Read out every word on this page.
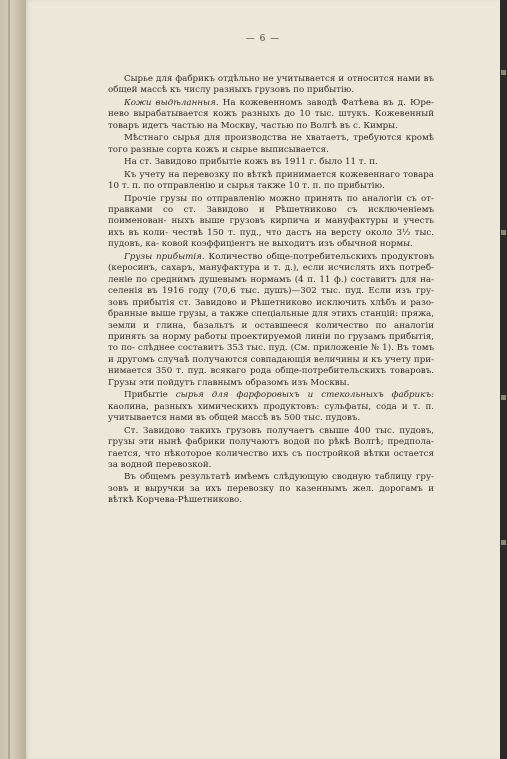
— 6 —

Сырье для фабрикъ отдѣльно не учитывается и относится нами въ общей массѣ къ числу разныхъ грузовъ по прибытію.

Кожи выдѣланныя. На кожевенномъ заводѣ Фатѣева въ д. Юре- нево вырабатывается кожъ разныхъ до 10 тыс. штукъ. Кожевенный товаръ идетъ частью на Москву, частью по Волгѣ въ с. Кимры.

Мѣстнаго сырья для производства не хватаетъ, требуются кромѣ того разные сорта кожъ и сырье выписывается.

На ст. Завидово прибытіе кожъ въ 1911 г. было 11 т. п.

Къ учету на перевозку по вѣткѣ принимается кожевеннаго товара 10 т. п. по отправленію и сырья также 10 т. п. по прибытію.

Прочіе грузы по отправленію можно принять по аналогіи съ от- правками со ст. Завидово и Рѣшетниково съ исключеніемъ поименован- ныхъ выше грузовъ кирпича и мануфактуры и учесть ихъ въ коли- чествѣ 150 т. пуд., что дастъ на версту около 3½ тыс. пудовъ, ка- ковой коэффиціентъ не выходитъ изъ обычной нормы.

Грузы прибытія. Количество обще-потребительскихъ продуктовъ (керосинъ, сахаръ, мануфактура и т. д.), если исчислять ихъ потреб- леніе по среднимъ душевымъ нормамъ (4 п. 11 ф.) составитъ для на- селенія въ 1916 году (70,6 тыс. душъ)—302 тыс. пуд. Если изъ гру- зовъ прибытія ст. Завидово и Рѣшетниково исключить хлѣбъ и разо- бранные выше грузы, а также спеціальные для этихъ станцій: пряжа, земли и глина, базальтъ и оставшееся количество по аналогіи принять за норму работы проектируемой линіи по грузамъ прибытія, то по- слѣднее составитъ 353 тыс. пуд. (См. приложеніе № 1). Въ томъ и другомъ случаѣ получаются совпадающія величины и къ учету при- нимается 350 т. пуд. всякаго рода обще-потребительскихъ товаровъ. Грузы эти пойдутъ главнымъ образомъ изъ Москвы.

Прибытіе сырья для фарфоровыхъ и стекольныхъ фабрикъ: каолина, разныхъ химическихъ продуктовъ: сульфаты, сода и т. п. учитывается нами въ общей массѣ въ 500 тыс. пудовъ.

Ст. Завидово такихъ грузовъ получаетъ свыше 400 тыс. пудовъ, грузы эти нынѣ фабрики получаютъ водой по рѣкѣ Волгѣ; предпола- гается, что нѣкоторое количество ихъ съ постройкой вѣтки остается за водной перевозкой.

Въ общемъ результатѣ имѣемъ слѣдующую сводную таблицу гру- зовъ и выручки за ихъ перевозку по казеннымъ жел. дорогамъ и вѣткѣ Корчева-Рѣшетниково.
